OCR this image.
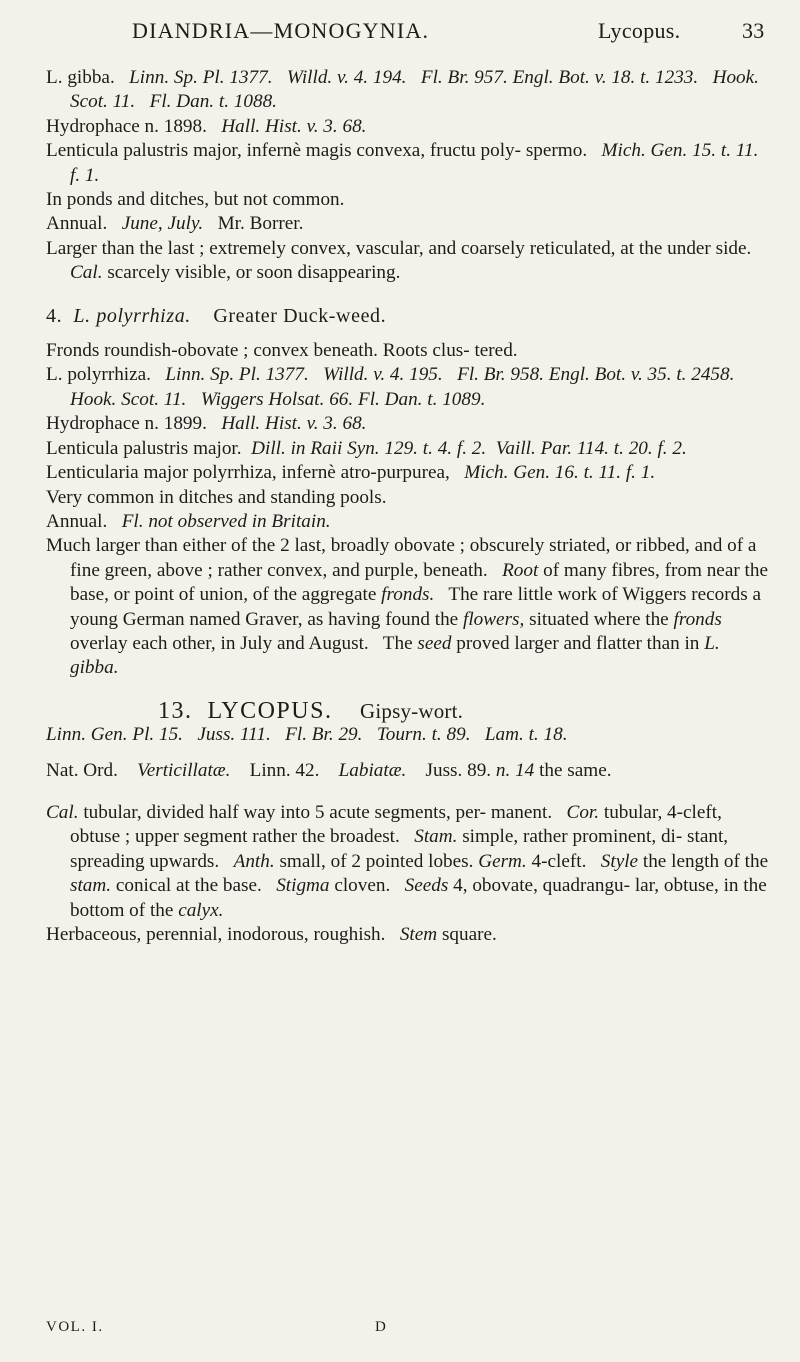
DIANDRIA—MONOGYNIA.	Lycopus.	33

L. gibba. Linn. Sp. Pl. 1377. Willd. v. 4. 194. Fl. Br. 957. Engl. Bot. v. 18. t. 1233. Hook. Scot. 11. Fl. Dan. t. 1088.

Hydrophace n. 1898. Hall. Hist. v. 3. 68.

Lenticula palustris major, infernè magis convexa, fructu poly- spermo. Mich. Gen. 15. t. 11. f. 1.

In ponds and ditches, but not common.

Annual. June, July. Mr. Borrer.

Larger than the last ; extremely convex, vascular, and coarsely reticulated, at the under side.   Cal. scarcely visible, or soon disappearing.

4. L. polyrrhiza. Greater Duck-weed.

Fronds roundish-obovate ; convex beneath. Roots clus- tered.

L. polyrrhiza. Linn. Sp. Pl. 1377. Willd. v. 4. 195. Fl. Br. 958. Engl. Bot. v. 35. t. 2458.   Hook. Scot. 11. Wiggers Holsat. 66. Fl. Dan. t. 1089.

Hydrophace n. 1899. Hall. Hist. v. 3. 68.

Lenticula palustris major. Dill. in Raii Syn. 129. t. 4. f. 2. Vaill. Par. 114. t. 20. f. 2.

Lenticularia major polyrrhiza, infernè atro-purpurea, Mich. Gen. 16. t. 11. f. 1.

Very common in ditches and standing pools.

Annual. Fl. not observed in Britain.

Much larger than either of the 2 last, broadly obovate ; obscurely striated, or ribbed, and of a fine green, above ; rather convex, and purple, beneath. Root of many fibres, from near the base, or point of union, of the aggregate fronds. The rare little work of Wiggers records a young German named Graver, as having found the flowers, situated where the fronds overlay each other, in July and August. The seed proved larger and flatter than in L. gibba.

13. LYCOPUS. Gipsy-wort.

Linn. Gen. Pl. 15. Juss. 111. Fl. Br. 29. Tourn. t. 89. Lam. t. 18.

Nat. Ord. Verticillatæ. Linn. 42. Labiatæ. Juss. 89. n. 14 the same.

Cal. tubular, divided half way into 5 acute segments, per- manent. Cor. tubular, 4-cleft, obtuse ; upper segment rather the broadest. Stam. simple, rather prominent, di- stant, spreading upwards. Anth. small, of 2 pointed lobes. Germ. 4-cleft. Style the length of the stam. conical at the base. Stigma cloven. Seeds 4, obovate, quadrangu- lar, obtuse, in the bottom of the calyx.

Herbaceous, perennial, inodorous, roughish. Stem square.

VOL. I.	D
